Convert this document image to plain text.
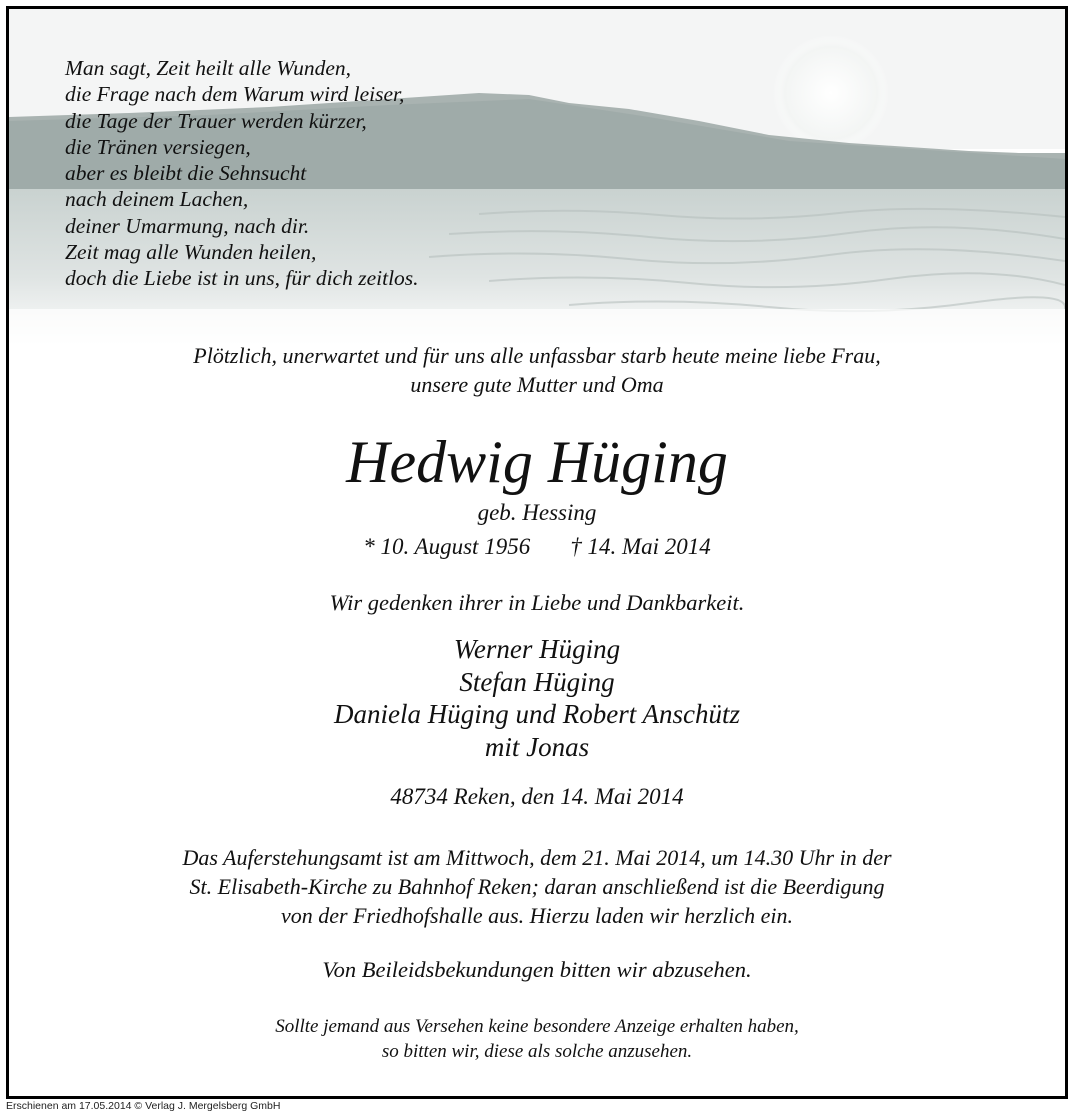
Man sagt, Zeit heilt alle Wunden,
die Frage nach dem Warum wird leiser,
die Tage der Trauer werden kürzer,
die Tränen versiegen,
aber es bleibt die Sehnsucht
nach deinem Lachen,
deiner Umarmung, nach dir.
Zeit mag alle Wunden heilen,
doch die Liebe ist in uns, für dich zeitlos.
Plötzlich, unerwartet und für uns alle unfassbar starb heute meine liebe Frau,
unsere gute Mutter und Oma
Hedwig Hüging
geb. Hessing
* 10. August 1956 † 14. Mai 2014
Wir gedenken ihrer in Liebe und Dankbarkeit.
Werner Hüging
Stefan Hüging
Daniela Hüging und Robert Anschütz
mit Jonas
48734 Reken, den 14. Mai 2014
Das Auferstehungsamt ist am Mittwoch, dem 21. Mai 2014, um 14.30 Uhr in der
St. Elisabeth-Kirche zu Bahnhof Reken; daran anschließend ist die Beerdigung
von der Friedhofshalle aus. Hierzu laden wir herzlich ein.
Von Beileidsbekundungen bitten wir abzusehen.
Sollte jemand aus Versehen keine besondere Anzeige erhalten haben,
so bitten wir, diese als solche anzusehen.
Erschienen am 17.05.2014 © Verlag J. Mergelsberg GmbH
